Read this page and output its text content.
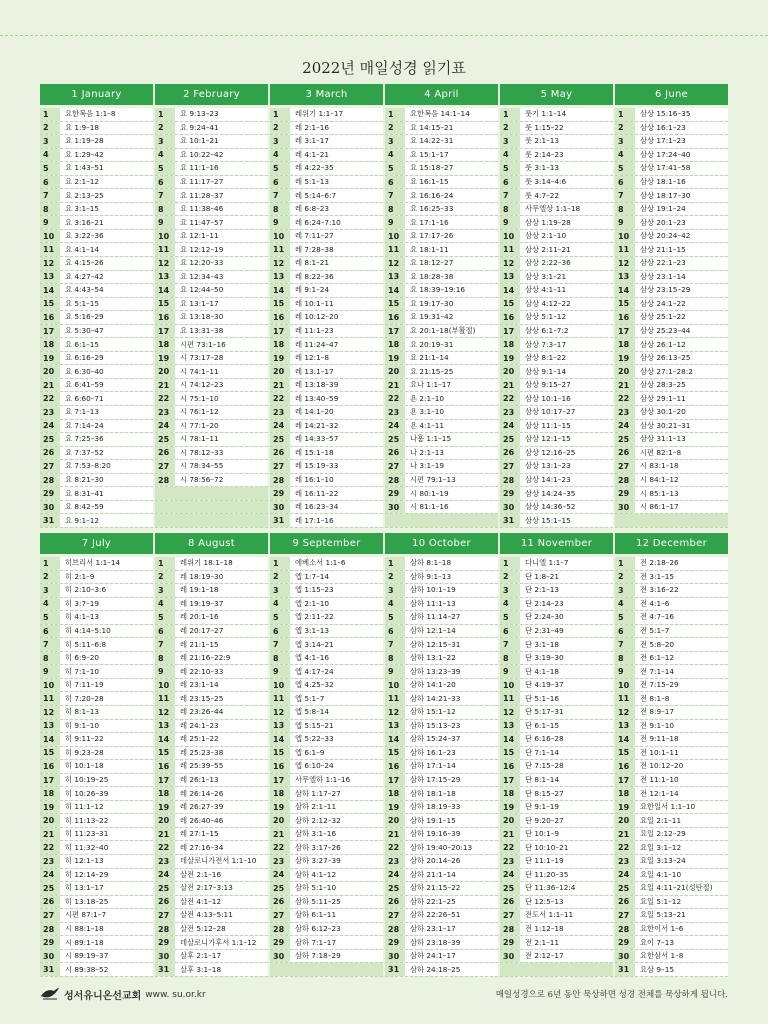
2022년 매일성경 읽기표
1 January
1	요한복음 1:1–8
2	요 1:9–18
3	요 1:19–28
4	요 1:29–42
5	요 1:43–51
6	요 2:1–12
7	요 2:13–25
8	요 3:1–15
9	요 3:16–21
10	요 3:22–36
11	요 4:1–14
12	요 4:15–26
13	요 4:27–42
14	요 4:43–54
15	요 5:1–15
16	요 5:16–29
17	요 5:30–47
18	요 6:1–15
19	요 6:16–29
20	요 6:30–40
21	요 6:41–59
22	요 6:60–71
23	요 7:1–13
24	요 7:14–24
25	요 7:25–36
26	요 7:37–52
27	요 7:53–8:20
28	요 8:21–30
29	요 8:31–41
30	요 8:42–59
31	요 9:1–12
2 February
1	요 9:13–23
2	요 9:24–41
3	요 10:1–21
4	요 10:22–42
5	요 11:1–16
6	요 11:17–27
7	요 11:28–37
8	요 11:38–46
9	요 11:47–57
10	요 12:1–11
11	요 12:12–19
12	요 12:20–33
13	요 12:34–43
14	요 12:44–50
15	요 13:1–17
16	요 13:18–30
17	요 13:31–38
18	시편 73:1–16
19	시 73:17–28
20	시 74:1–11
21	시 74:12–23
22	시 75:1–10
23	시 76:1–12
24	시 77:1–20
25	시 78:1–11
26	시 78:12–33
27	시 78:34–55
28	시 78:56–72
3 March
1	레위기 1:1–17
2	레 2:1–16
3	레 3:1–17
4	레 4:1–21
5	레 4:22–35
6	레 5:1–13
7	레 5:14–6:7
8	레 6:8–23
9	레 6:24–7:10
10	레 7:11–27
11	레 7:28–38
12	레 8:1–21
13	레 8:22–36
14	레 9:1–24
15	레 10:1–11
16	레 10:12–20
17	레 11:1–23
18	레 11:24–47
19	레 12:1–8
20	레 13:1–17
21	레 13:18–39
22	레 13:40–59
23	레 14:1–20
24	레 14:21–32
25	레 14:33–57
26	레 15:1–18
27	레 15:19–33
28	레 16:1–10
29	레 16:11–22
30	레 16:23–34
31	레 17:1–16
4 April
1	요한복음 14:1–14
2	요 14:15–21
3	요 14:22–31
4	요 15:1–17
5	요 15:18–27
6	요 16:1–15
7	요 16:16–24
8	요 16:25–33
9	요 17:1–16
10	요 17:17–26
11	요 18:1–11
12	요 18:12–27
13	요 18:28–38
14	요 18:39–19:16
15	요 19:17–30
16	요 19:31–42
17	요 20:1–18(부활절)
18	요 20:19–31
19	요 21:1–14
20	요 21:15–25
21	요나 1:1–17
22	욘 2:1–10
23	욘 3:1–10
24	욘 4:1–11
25	나훔 1:1–15
26	나 2:1–13
27	나 3:1–19
28	시편 79:1–13
29	시 80:1–19
30	시 81:1–16
5 May
1	룻기 1:1–14
2	룻 1:15–22
3	룻 2:1–13
4	룻 2:14–23
5	룻 3:1–13
6	룻 3:14–4:6
7	룻 4:7–22
8	사무엘상 1:1–18
9	삼상 1:19–28
10	삼상 2:1–10
11	삼상 2:11–21
12	삼상 2:22–36
13	삼상 3:1–21
14	삼상 4:1–11
15	삼상 4:12–22
16	삼상 5:1–12
17	삼상 6:1–7:2
18	삼상 7:3–17
19	삼상 8:1–22
20	삼상 9:1–14
21	삼상 9:15–27
22	삼상 10:1–16
23	삼상 10:17–27
24	삼상 11:1–15
25	삼상 12:1–15
26	삼상 12:16–25
27	삼상 13:1–23
28	삼상 14:1–23
29	삼상 14:24–35
30	삼상 14:36–52
31	삼상 15:1–15
6 June
1	삼상 15:16–35
2	삼상 16:1–23
3	삼상 17:1–23
4	삼상 17:24–40
5	삼상 17:41–58
6	삼상 18:1–16
7	삼상 18:17–30
8	삼상 19:1–24
9	삼상 20:1–23
10	삼상 20:24–42
11	삼상 21:1–15
12	삼상 22:1–23
13	삼상 23:1–14
14	삼상 23:15–29
15	삼상 24:1–22
16	삼상 25:1–22
17	삼상 25:23–44
18	삼상 26:1–12
19	삼상 26:13–25
20	삼상 27:1–28:2
21	삼상 28:3–25
22	삼상 29:1–11
23	삼상 30:1–20
24	삼상 30:21–31
25	삼상 31:1–13
26	시편 82:1–8
27	시 83:1–18
28	시 84:1–12
29	시 85:1–13
30	시 86:1–17
7 July
1	히브리서 1:1–14
2	히 2:1–9
3	히 2:10–3:6
4	히 3:7–19
5	히 4:1–13
6	히 4:14–5:10
7	히 5:11–6:8
8	히 6:9–20
9	히 7:1–10
10	히 7:11–19
11	히 7:20–28
12	히 8:1–13
13	히 9:1–10
14	히 9:11–22
15	히 9:23–28
16	히 10:1–18
17	히 10:19–25
18	히 10:26–39
19	히 11:1–12
20	히 11:13–22
21	히 11:23–31
22	히 11:32–40
23	히 12:1–13
24	히 12:14–29
25	히 13:1–17
26	히 13:18–25
27	시편 87:1–7
28	시 88:1–18
29	시 89:1–18
30	시 89:19–37
31	시 89:38–52
8 August
1	레위기 18:1–18
2	레 18:19–30
3	레 19:1–18
4	레 19:19–37
5	레 20:1–16
6	레 20:17–27
7	레 21:1–15
8	레 21:16–22:9
9	레 22:10–33
10	레 23:1–14
11	레 23:15–25
12	레 23:26–44
13	레 24:1–23
14	레 25:1–22
15	레 25:23–38
16	레 25:39–55
17	레 26:1–13
18	레 26:14–26
19	레 26:27–39
20	레 26:40–46
21	레 27:1–15
22	레 27:16–34
23	데살로니가전서 1:1–10
24	살전 2:1–16
25	살전 2:17–3:13
26	살전 4:1–12
27	살전 4:13–5:11
28	살전 5:12–28
29	데살로니가후서 1:1–12
30	살후 2:1–17
31	살후 3:1–18
9 September
1	에베소서 1:1–6
2	엡 1:7–14
3	엡 1:15–23
4	엡 2:1–10
5	엡 2:11–22
6	엡 3:1–13
7	엡 3:14–21
8	엡 4:1–16
9	엡 4:17–24
10	엡 4:25–32
11	엡 5:1–7
12	엡 5:8–14
13	엡 5:15–21
14	엡 5:22–33
15	엡 6:1–9
16	엡 6:10–24
17	사무엘하 1:1–16
18	삼하 1:17–27
19	삼하 2:1–11
20	삼하 2:12–32
21	삼하 3:1–16
22	삼하 3:17–26
23	삼하 3:27–39
24	삼하 4:1–12
25	삼하 5:1–10
26	삼하 5:11–25
27	삼하 6:1–11
28	삼하 6:12–23
29	삼하 7:1–17
30	삼하 7:18–29
10 October
1	삼하 8:1–18
2	삼하 9:1–13
3	삼하 10:1–19
4	삼하 11:1–13
5	삼하 11:14–27
6	삼하 12:1–14
7	삼하 12:15–31
8	삼하 13:1–22
9	삼하 13:23–39
10	삼하 14:1–20
11	삼하 14:21–33
12	삼하 15:1–12
13	삼하 15:13–23
14	삼하 15:24–37
15	삼하 16:1–23
16	삼하 17:1–14
17	삼하 17:15–29
18	삼하 18:1–18
19	삼하 18:19–33
20	삼하 19:1–15
21	삼하 19:16–39
22	삼하 19:40–20:13
23	삼하 20:14–26
24	삼하 21:1–14
25	삼하 21:15–22
26	삼하 22:1–25
27	삼하 22:26–51
28	삼하 23:1–17
29	삼하 23:18–39
30	삼하 24:1–17
31	삼하 24:18–25
11 November
1	다니엘 1:1–7
2	단 1:8–21
3	단 2:1–13
4	단 2:14–23
5	단 2:24–30
6	단 2:31–49
7	단 3:1–18
8	단 3:19–30
9	단 4:1–18
10	단 4:19–37
11	단 5:1–16
12	단 5:17–31
13	단 6:1–15
14	단 6:16–28
15	단 7:1–14
16	단 7:15–28
17	단 8:1–14
18	단 8:15–27
19	단 9:1–19
20	단 9:20–27
21	단 10:1–9
22	단 10:10–21
23	단 11:1–19
24	단 11:20–35
25	단 11:36–12:4
26	단 12:5–13
27	전도서 1:1–11
28	전 1:12–18
29	전 2:1–11
30	전 2:12–17
12 December
1	전 2:18–26
2	전 3:1–15
3	전 3:16–22
4	전 4:1–6
5	전 4:7–16
6	전 5:1–7
7	전 5:8–20
8	전 6:1–12
9	전 7:1–14
10	전 7:15–29
11	전 8:1–8
12	전 8:9–17
13	전 9:1–10
14	전 9:11–18
15	전 10:1–11
16	전 10:12–20
17	전 11:1–10
18	전 12:1–14
19	요한일서 1:1–10
20	요일 2:1–11
21	요일 2:12–29
22	요일 3:1–12
23	요일 3:13–24
24	요일 4:1–10
25	요일 4:11–21(성탄절)
26	요일 5:1–12
27	요일 5:13–21
28	요한이서 1–6
29	요이 7–13
30	요한삼서 1–8
31	요삼 9–15
성서유니온선교회 www. su.or.kr	매일성경으로 6년 동안 묵상하면 성경 전체를 묵상하게 됩니다.
